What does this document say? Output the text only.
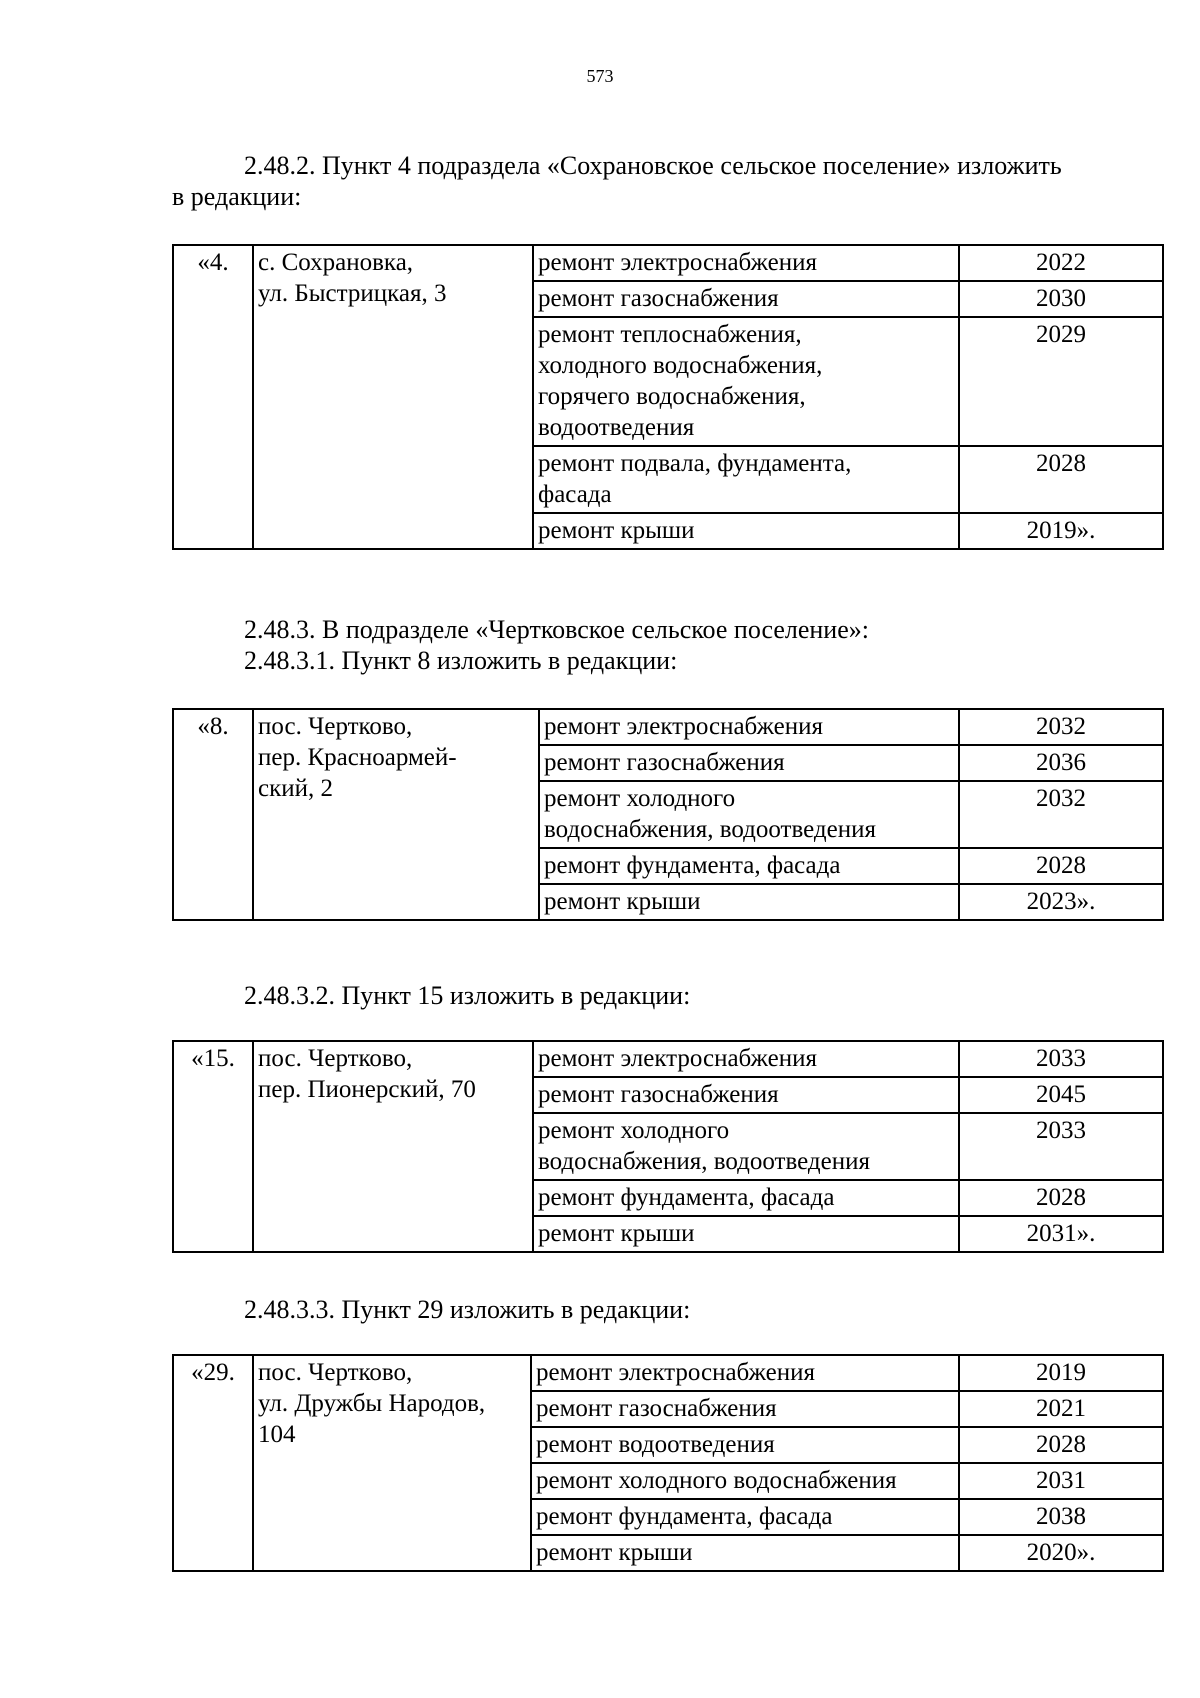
573
2.48.2. Пункт 4 подраздела «Сохрановское сельское поселение» изложить
в редакции:
«4.	с. Сохрановка,
ул. Быстрицкая, 3	ремонт электроснабжения	2022
		ремонт газоснабжения	2030
		ремонт теплоснабжения,
холодного водоснабжения,
горячего водоснабжения,
водоотведения	2029
		ремонт подвала, фундамента,
фасада	2028
		ремонт крыши	2019».
2.48.3. В подразделе «Чертковское сельское поселение»:
2.48.3.1. Пункт 8 изложить в редакции:
«8.	пос. Чертково,
пер. Красноармей-
ский, 2	ремонт электроснабжения	2032
		ремонт газоснабжения	2036
		ремонт холодного
водоснабжения, водоотведения	2032
		ремонт фундамента, фасада	2028
		ремонт крыши	2023».
2.48.3.2. Пункт 15 изложить в редакции:
«15.	пос. Чертково,
пер. Пионерский, 70	ремонт электроснабжения	2033
		ремонт газоснабжения	2045
		ремонт холодного
водоснабжения, водоотведения	2033
		ремонт фундамента, фасада	2028
		ремонт крыши	2031».
2.48.3.3. Пункт 29 изложить в редакции:
«29.	пос. Чертково,
ул. Дружбы Народов,
104	ремонт электроснабжения	2019
		ремонт газоснабжения	2021
		ремонт водоотведения	2028
		ремонт холодного водоснабжения	2031
		ремонт фундамента, фасада	2038
		ремонт крыши	2020».
